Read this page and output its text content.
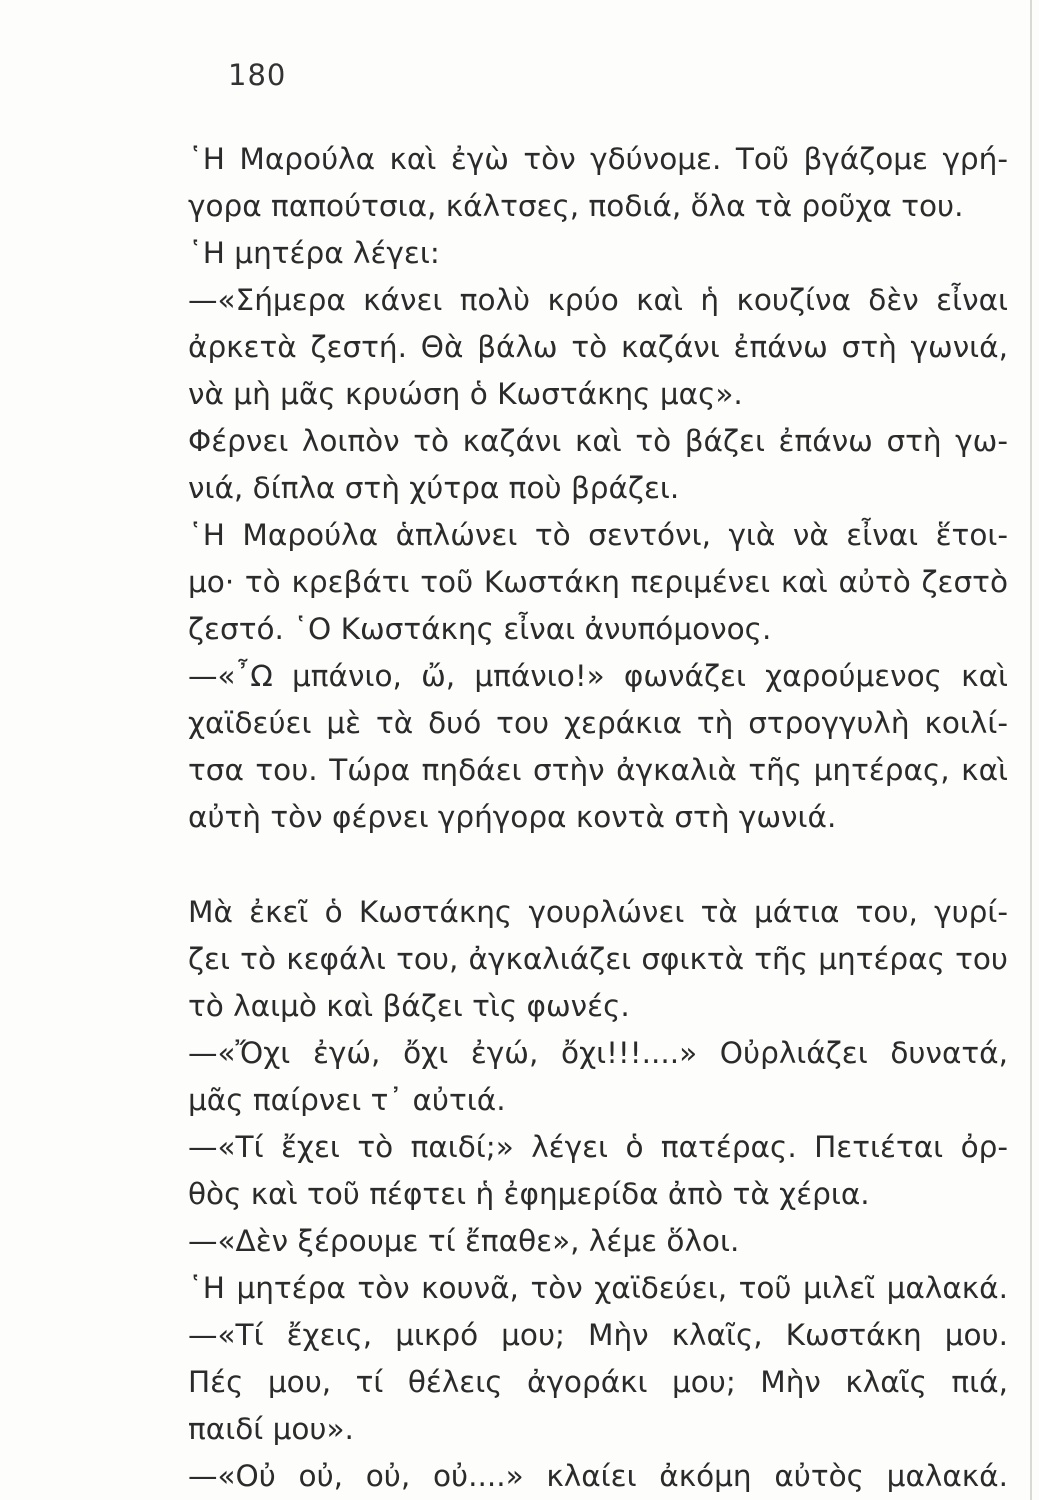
180
῾Η Μαρούλα καὶ ἐγὼ τὸν γδύνομε. Τοῦ βγάζομε γρή-
γορα παπούτσια, κάλτσες, ποδιά, ὅλα τὰ ροῦχα του.
῾Η μητέρα λέγει:
—«Σήμερα κάνει πολὺ κρύο καὶ ἡ κουζίνα δὲν εἶναι
ἀρκετὰ ζεστή. Θὰ βάλω τὸ καζάνι ἐπάνω στὴ γωνιά,
νὰ μὴ μᾶς κρυώση ὁ Κωστάκης μας».
Φέρνει λοιπὸν τὸ καζάνι καὶ τὸ βάζει ἐπάνω στὴ γω-
νιά, δίπλα στὴ χύτρα ποὺ βράζει.
῾Η Μαρούλα ἁπλώνει τὸ σεντόνι, γιὰ νὰ εἶναι ἕτοι-
μο· τὸ κρεβάτι τοῦ Κωστάκη περιμένει καὶ αὐτὸ ζεστὸ
ζεστό. ῾Ο Κωστάκης εἶναι ἀνυπόμονος.
—«῏Ω μπάνιο, ὤ, μπάνιο!» φωνάζει χαρούμενος καὶ
χαϊδεύει μὲ τὰ δυό του χεράκια τὴ στρογγυλὴ κοιλί-
τσα του. Τώρα πηδάει στὴν ἀγκαλιὰ τῆς μητέρας, καὶ
αὐτὴ τὸν φέρνει γρήγορα κοντὰ στὴ γωνιά.
Μὰ ἐκεῖ ὁ Κωστάκης γουρλώνει τὰ μάτια του, γυρί-
ζει τὸ κεφάλι του, ἀγκαλιάζει σφικτὰ τῆς μητέρας του
τὸ λαιμὸ καὶ βάζει τὶς φωνές.
—«Ὄχι ἐγώ, ὄχι ἐγώ, ὄχι!!!....» Οὐρλιάζει δυνατά,
μᾶς παίρνει τ᾽ αὐτιά.
—«Τί ἔχει τὸ παιδί;» λέγει ὁ πατέρας. Πετιέται ὀρ-
θὸς καὶ τοῦ πέφτει ἡ ἐφημερίδα ἀπὸ τὰ χέρια.
—«Δὲν ξέρουμε τί ἔπαθε», λέμε ὅλοι.
῾Η μητέρα τὸν κουνᾶ, τὸν χαϊδεύει, τοῦ μιλεῖ μαλακά.
—«Τί ἔχεις, μικρό μου; Μὴν κλαῖς, Κωστάκη μου.
Πές μου, τί θέλεις ἀγοράκι μου; Μὴν κλαῖς πιά,
παιδί μου».
—«Οὐ οὐ, οὐ, οὐ....» κλαίει ἀκόμη αὐτὸς μαλακά.
